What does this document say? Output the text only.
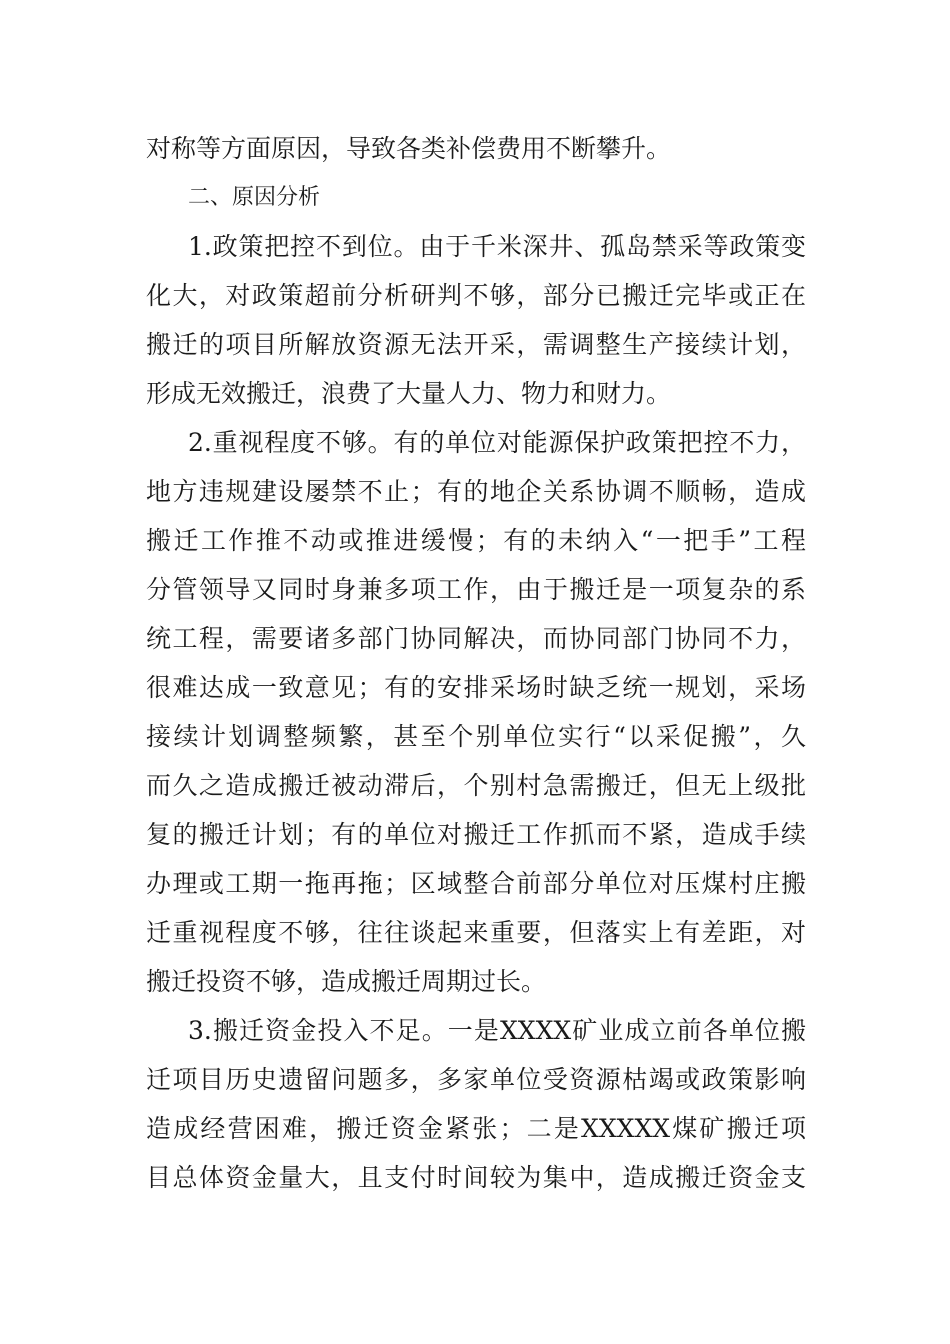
对称等方面原因，导致各类补偿费用不断攀升。
二、原因分析
1.政策把控不到位。由于千米深井、孤岛禁采等政策变
化大，对政策超前分析研判不够，部分已搬迁完毕或正在
搬迁的项目所解放资源无法开采，需调整生产接续计划，
形成无效搬迁，浪费了大量人力、物力和财力。
2.重视程度不够。有的单位对能源保护政策把控不力，
地方违规建设屡禁不止；有的地企关系协调不顺畅，造成
搬迁工作推不动或推进缓慢；有的未纳入“一把手”工程
分管领导又同时身兼多项工作，由于搬迁是一项复杂的系
统工程，需要诸多部门协同解决，而协同部门协同不力，
很难达成一致意见；有的安排采场时缺乏统一规划，采场
接续计划调整频繁，甚至个别单位实行“以采促搬”，久
而久之造成搬迁被动滞后，个别村急需搬迁，但无上级批
复的搬迁计划；有的单位对搬迁工作抓而不紧，造成手续
办理或工期一拖再拖；区域整合前部分单位对压煤村庄搬
迁重视程度不够，往往谈起来重要，但落实上有差距，对
搬迁投资不够，造成搬迁周期过长。
3.搬迁资金投入不足。一是XXXX矿业成立前各单位搬
迁项目历史遗留问题多，多家单位受资源枯竭或政策影响
造成经营困难，搬迁资金紧张；二是XXXXX煤矿搬迁项
目总体资金量大，且支付时间较为集中，造成搬迁资金支
